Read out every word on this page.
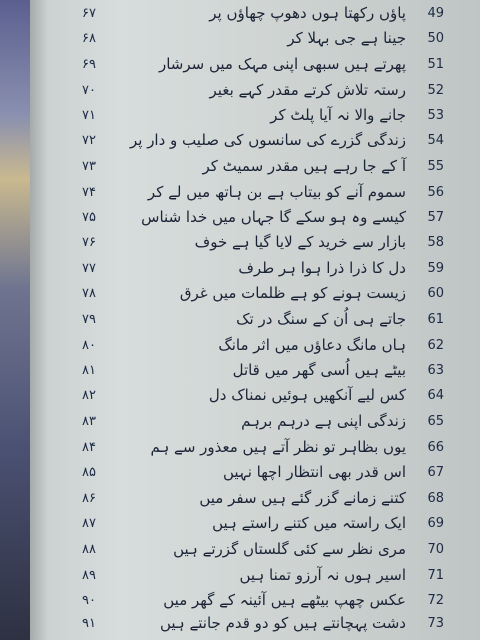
۶۷	پاؤں رکھتا ہوں دھوپ چھاؤں پر	49
۶۸	جینا ہے جی بہلا کر	50
۶۹	پھرتے ہیں سبھی اپنی مہک میں سرشار	51
۷۰	رستہ تلاش کرتے مقدر کہے بغیر	52
۷۱	جانے والا نہ آیا پلٹ کر	53
۷۲	زندگی گزرے کی سانسوں کی صلیب و دار پر	54
۷۳	آ کے جا رہے ہیں مقدر سمیٹ کر	55
۷۴	سموم آنے کو بیتاب ہے بن ہاتھ میں لے کر	56
۷۵	کیسے وہ ہو سکے گا جہاں میں خدا شناس	57
۷۶	بازار سے خرید کے لایا گیا ہے خوف	58
۷۷	دل کا ذرا ذرا ہوا ہر طرف	59
۷۸	زیست ہونے کو ہے ظلمات میں غرق	60
۷۹	جاتے ہی اُن کے سنگ در تک	61
۸۰	ہاں مانگ دعاؤں میں اثر مانگ	62
۸۱	بیٹے ہیں اُسی گھر میں قاتل	63
۸۲	کس لیے آنکھیں ہوئیں نمناک دل	64
۸۳	زندگی اپنی ہے درہم برہم	65
۸۴	یوں بظاہر تو نظر آتے ہیں معذور سے ہم	66
۸۵	اس قدر بھی انتظار اچھا نہیں	67
۸۶	کتنے زمانے گزر گئے ہیں سفر میں	68
۸۷	ایک راستہ میں کتنے راستے ہیں	69
۸۸	مری نظر سے کئی گلستاں گزرتے ہیں	70
۸۹	اسیر ہوں نہ آرزو تمنا ہیں	71
۹۰	عکس چھپ بیٹھے ہیں آئینہ کے گھر میں	72
۹۱	دشت پہچانتے ہیں کو دو قدم جانتے ہیں	73
